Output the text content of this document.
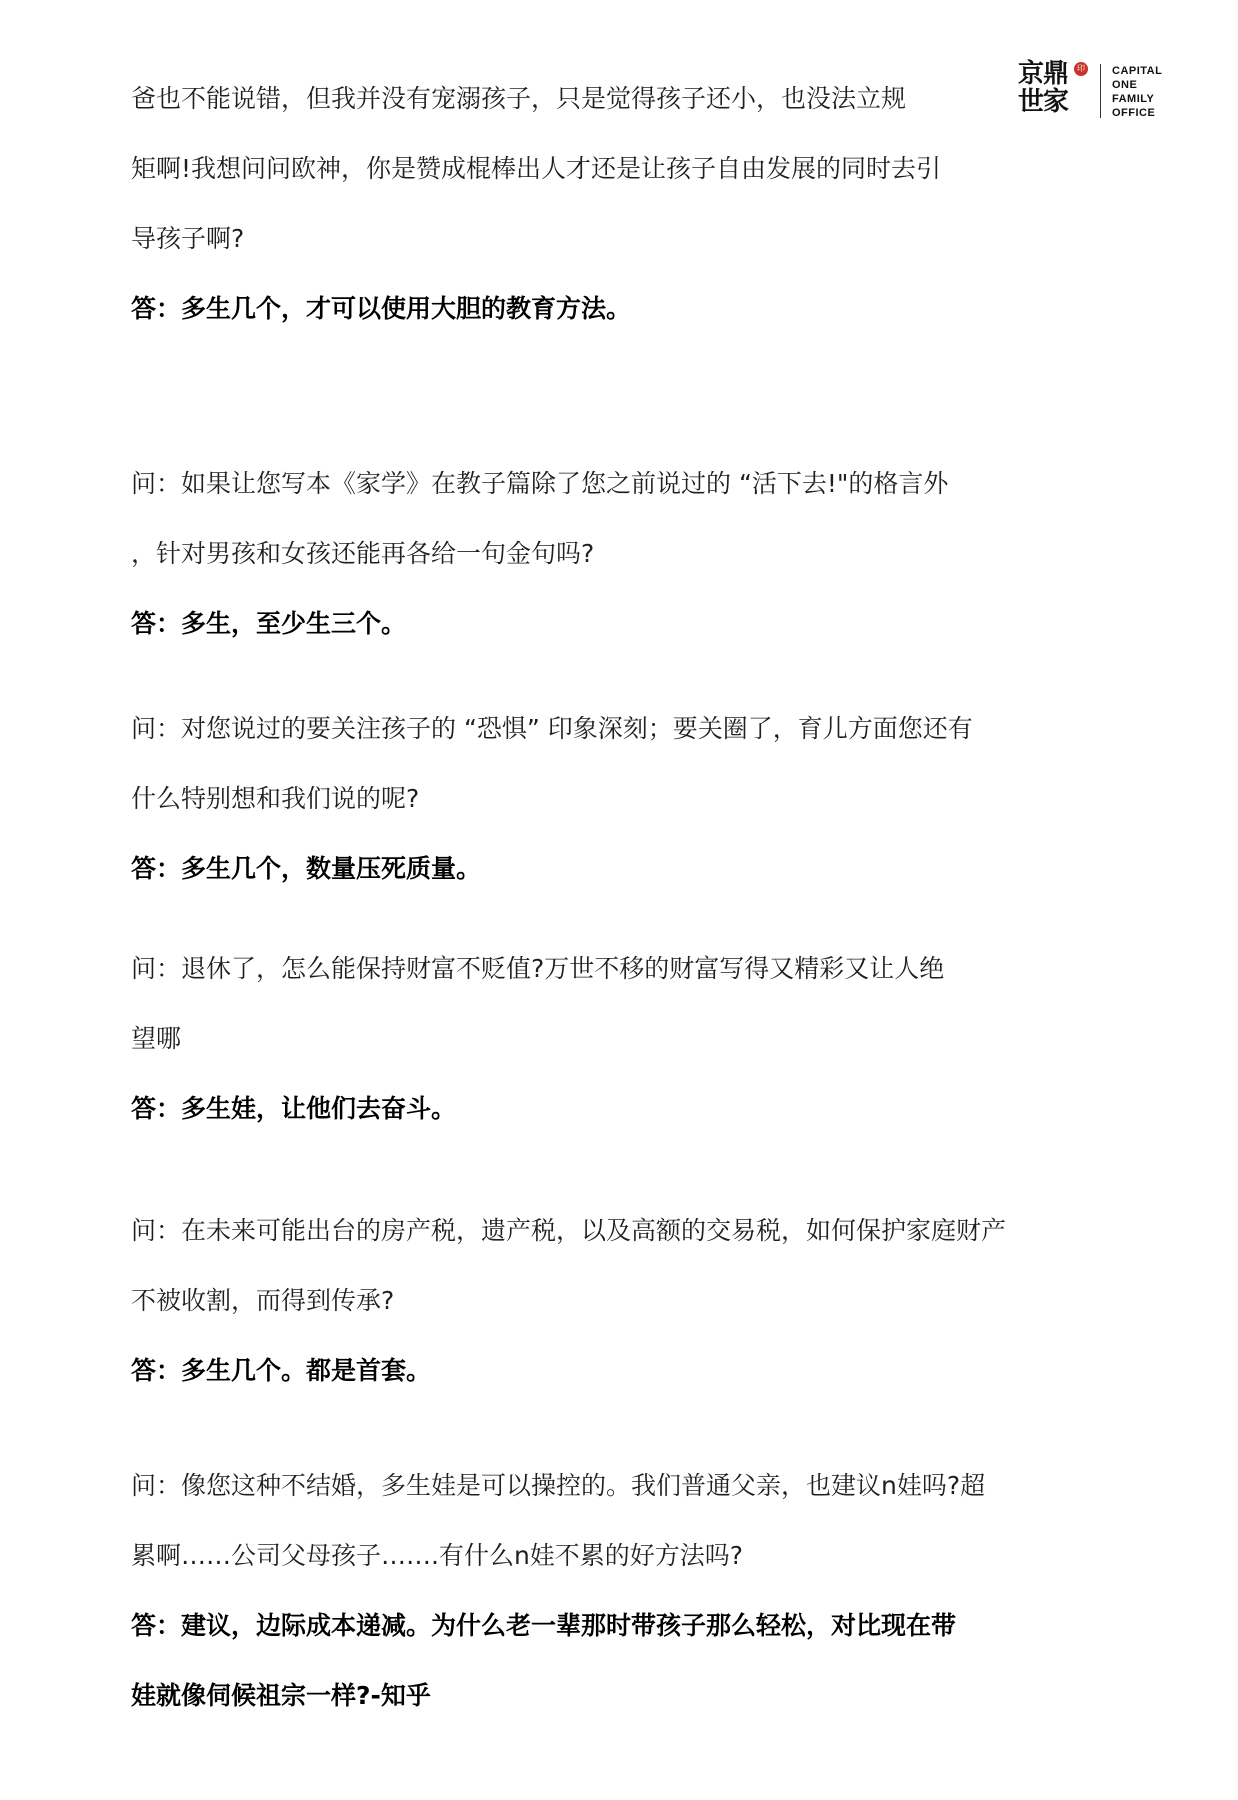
京鼎
世家
印 CAPITAL
ONE
FAMILY
OFFICE
爸也不能说错，但我并没有宠溺孩子，只是觉得孩子还小，也没法立规
矩啊!我想问问欧神，你是赞成棍棒出人才还是让孩子自由发展的同时去引
导孩子啊?
答：多生几个，才可以使用大胆的教育方法。
问：如果让您写本《家学》在教子篇除了您之前说过的 “活下去!"的格言外
，针对男孩和女孩还能再各给一句金句吗?
答：多生，至少生三个。
问：对您说过的要关注孩子的 “恐惧” 印象深刻；要关圈了，育儿方面您还有
什么特别想和我们说的呢?
答：多生几个，数量压死质量。
问：退休了，怎么能保持财富不贬值?万世不移的财富写得又精彩又让人绝
望哪
答：多生娃，让他们去奋斗。
问：在未来可能出台的房产税，遗产税，以及高额的交易税，如何保护家庭财产
不被收割，而得到传承?
答：多生几个。都是首套。
问：像您这种不结婚，多生娃是可以操控的。我们普通父亲，也建议n娃吗?超
累啊……公司父母孩子…….有什么n娃不累的好方法吗?
答：建议，边际成本递减。为什么老一辈那时带孩子那么轻松，对比现在带
娃就像伺候祖宗一样?-知乎
